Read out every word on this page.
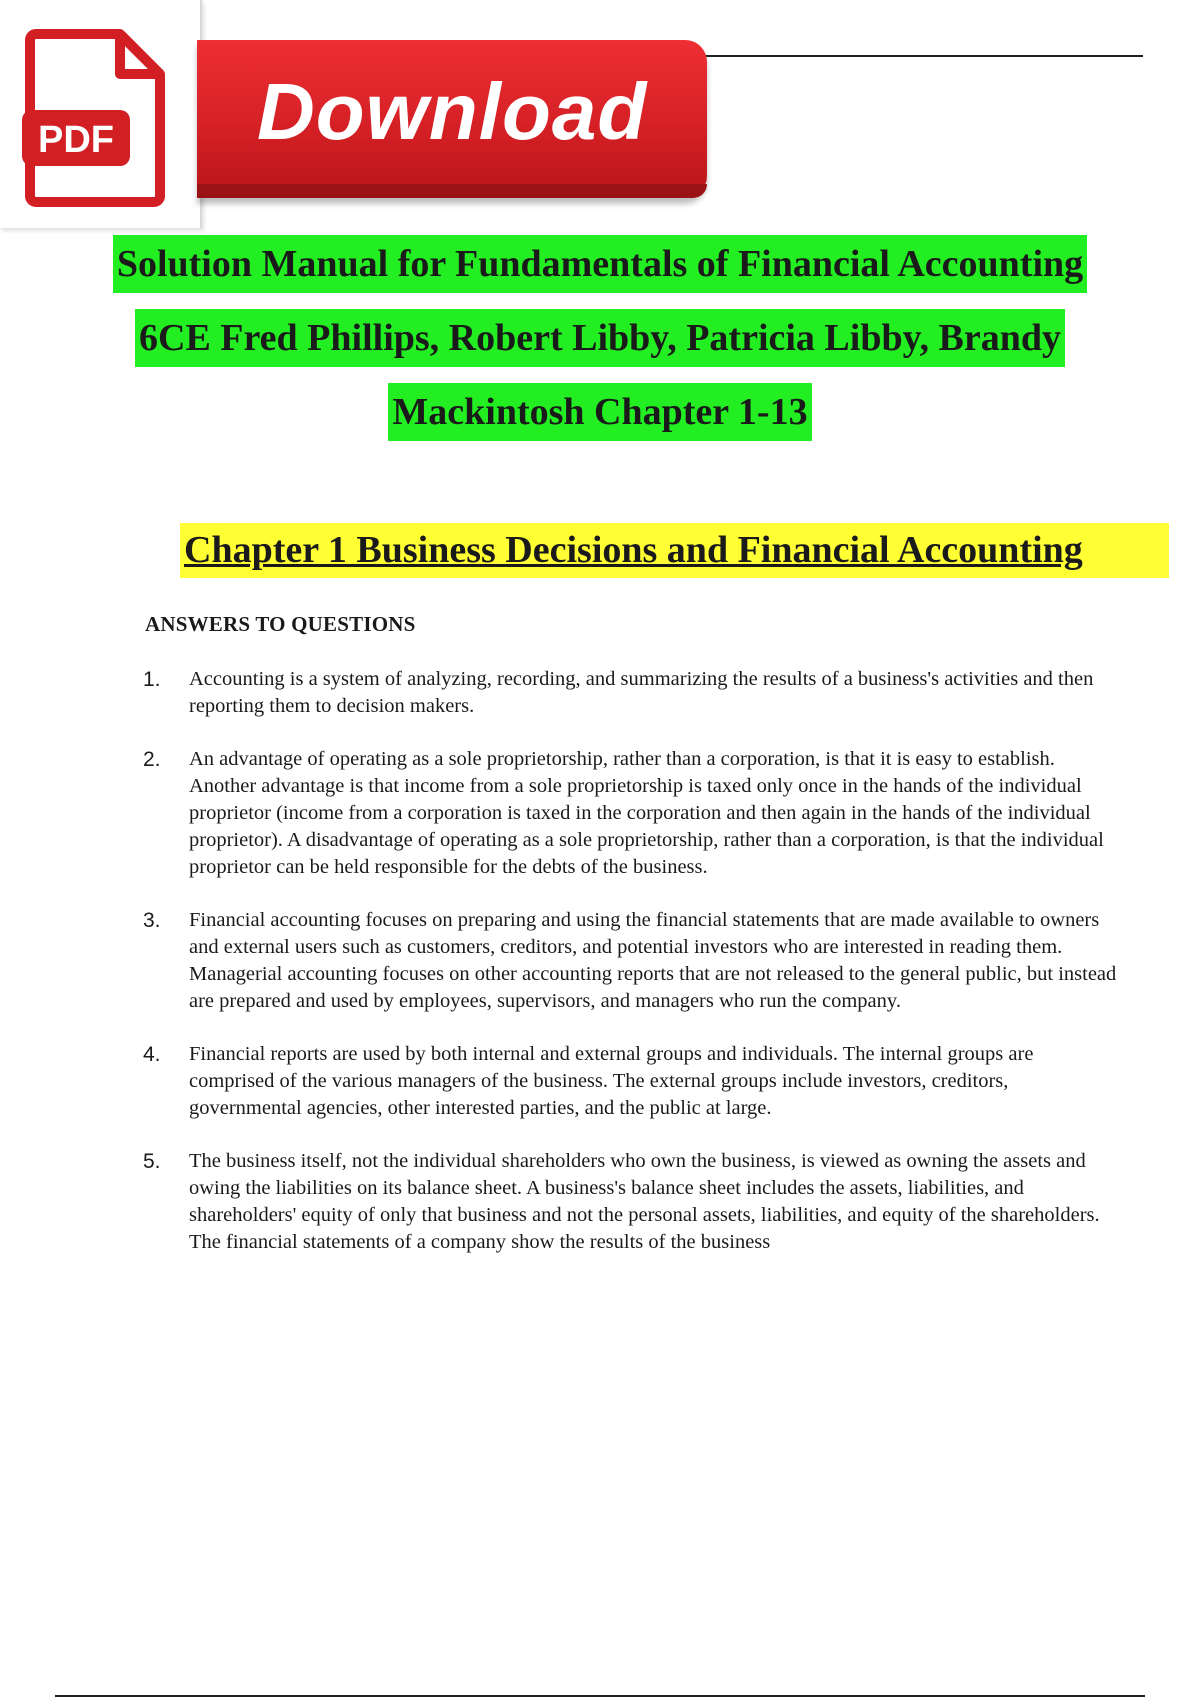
PDF Download
Solution Manual for Fundamentals of Financial Accounting
6CE Fred Phillips, Robert Libby, Patricia Libby, Brandy
Mackintosh Chapter 1-13
Chapter 1 Business Decisions and Financial Accounting
ANSWERS TO QUESTIONS
1.	Accounting is a system of analyzing, recording, and summarizing the results of a business's activities and then reporting them to decision makers.
2.	An advantage of operating as a sole proprietorship, rather than a corporation, is that it is easy to establish. Another advantage is that income from a sole proprietorship is taxed only once in the hands of the individual proprietor (income from a corporation is taxed in the corporation and then again in the hands of the individual proprietor). A disadvantage of operating as a sole proprietorship, rather than a corporation, is that the individual proprietor can be held responsible for the debts of the business.
3.	Financial accounting focuses on preparing and using the financial statements that are made available to owners and external users such as customers, creditors, and potential investors who are interested in reading them. Managerial accounting focuses on other accounting reports that are not released to the general public, but instead are prepared and used by employees, supervisors, and managers who run the company.
4.	Financial reports are used by both internal and external groups and individuals. The internal groups are comprised of the various managers of the business. The external groups include investors, creditors, governmental agencies, other interested parties, and the public at large.
5.	The business itself, not the individual shareholders who own the business, is viewed as owning the assets and owing the liabilities on its balance sheet. A business's balance sheet includes the assets, liabilities, and shareholders' equity of only that business and not the personal assets, liabilities, and equity of the shareholders. The financial statements of a company show the results of the business
